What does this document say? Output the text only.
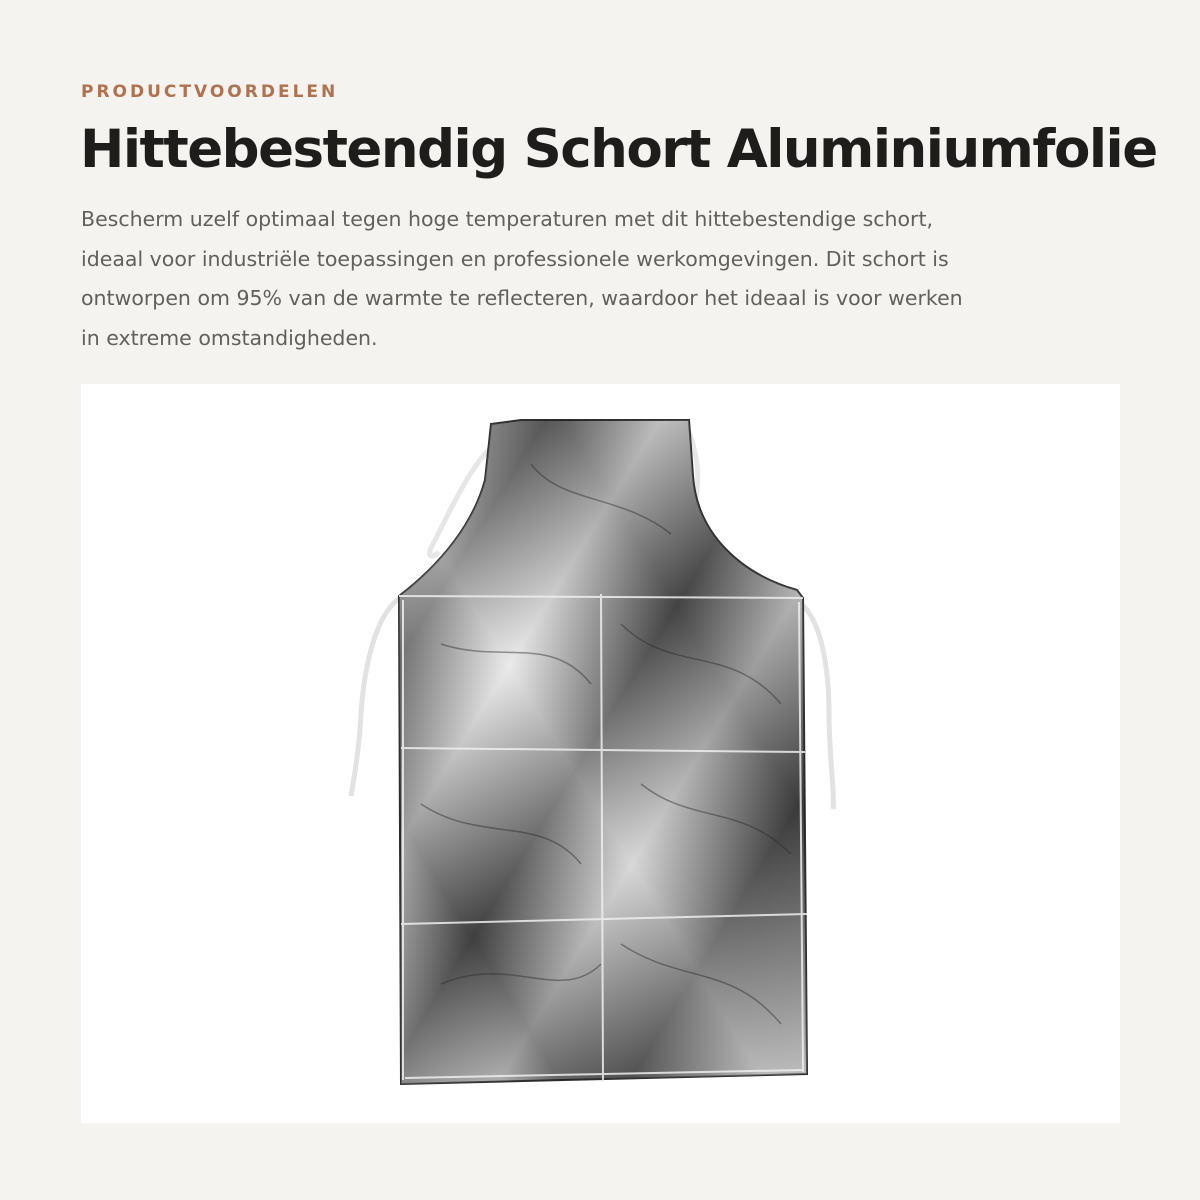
PRODUCTVOORDELEN
Hittebestendig Schort Aluminiumfolie

Bescherm uzelf optimaal tegen hoge temperaturen met dit hittebestendige schort,
ideaal voor industriële toepassingen en professionele werkomgevingen. Dit schort is
ontworpen om 95% van de warmte te reflecteren, waardoor het ideaal is voor werken
in extreme omstandigheden.
